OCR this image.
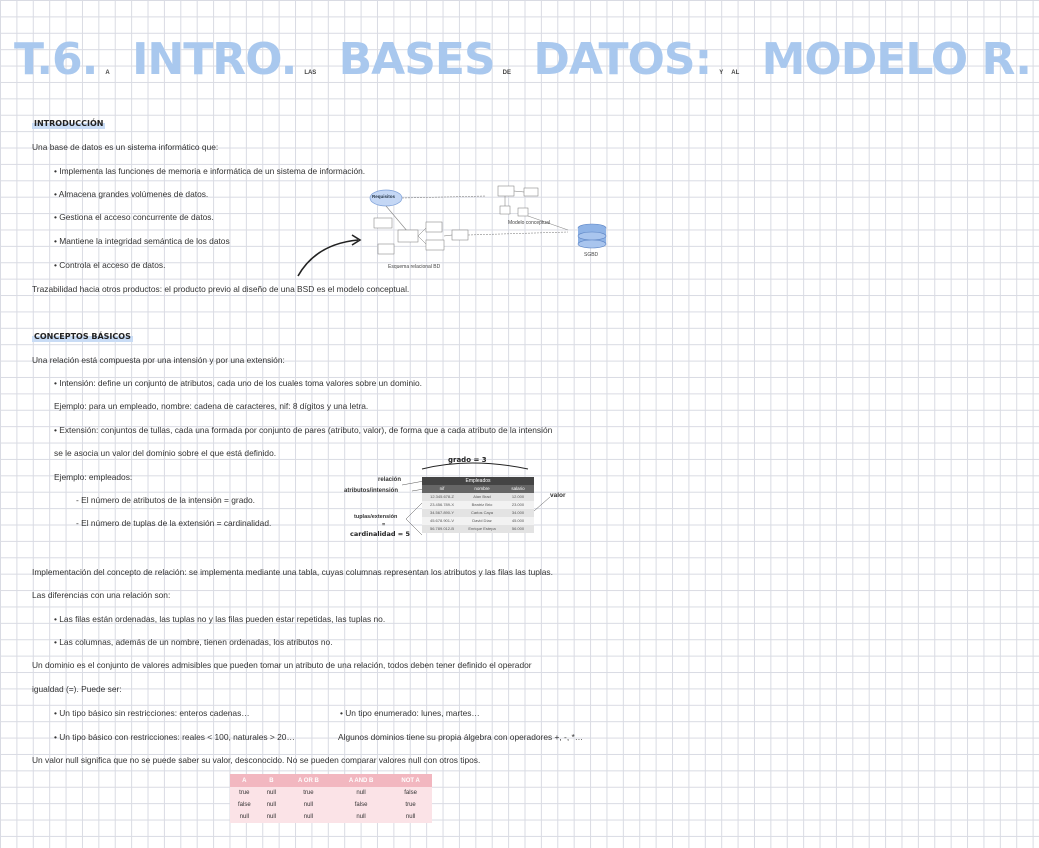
T.6. A INTRO. LAS BASES DE DATOS: Y AL MODELO R.
INTRODUCCIÓN
Una base de datos es un sistema informático que:
• Implementa las funciones de memoria e informática de un sistema de información.
• Almacena grandes volúmenes de datos.
• Gestiona el acceso concurrente de datos.
• Mantiene la integridad semántica de los datos
• Controla el acceso de datos.
Trazabilidad hacia otros productos: el producto previo al diseño de una BSD es el modelo conceptual.
Requisitos
Modelo conceptual
Esquema relacional BD
SGBD
CONCEPTOS BÁSICOS
Una relación está compuesta por una intensión y por una extensión:
• Intensión: define un conjunto de atributos, cada uno de los cuales toma valores sobre un dominio.
Ejemplo: para un empleado, nombre: cadena de caracteres, nif: 8 dígitos y una letra.
• Extensión: conjuntos de tullas, cada una formada por conjunto de pares (atributo, valor), de forma que a cada atributo de la intensión
se le asocia un valor del dominio sobre el que está definido.
Ejemplo: empleados:
- El número de atributos de la intensión = grado.
- El número de tuplas de la extensión = cardinalidad.
grado = 3
relación
atributos/intensión
tuplas/extensión
=
cardinalidad = 5
valor
Empleados
nif	nombre	salario
12.345.678-Z	Alan Brad	12.000
23.456.789-X	Beatriz Brio	23.000
34.567.890-Y	Carlos Caya	34.000
45.678.901-V	David Díaz	45.000
56.789.012-B	Enrique Estepa	56.000
Implementación del concepto de relación: se implementa mediante una tabla, cuyas columnas representan los atributos y las filas las tuplas.
Las diferencias con una relación son:
• Las filas están ordenadas, las tuplas no y las filas pueden estar repetidas, las tuplas no.
• Las columnas, además de un nombre, tienen ordenadas, los atributos no.
Un dominio es el conjunto de valores admisibles que pueden tomar un atributo de una relación, todos deben tener definido el operador
igualdad (=). Puede ser:
• Un tipo básico sin restricciones: enteros cadenas…	• Un tipo enumerado: lunes, martes…
• Un tipo básico con restricciones: reales < 100, naturales > 20…	Algunos dominios tiene su propia álgebra con operadores +, -, *…
Un valor null significa que no se puede saber su valor, desconocido. No se pueden comparar valores null con otros tipos.
A	B	A OR B	A AND B	NOT A
true	null	true	null	false
false	null	null	false	true
null	null	null	null	null
